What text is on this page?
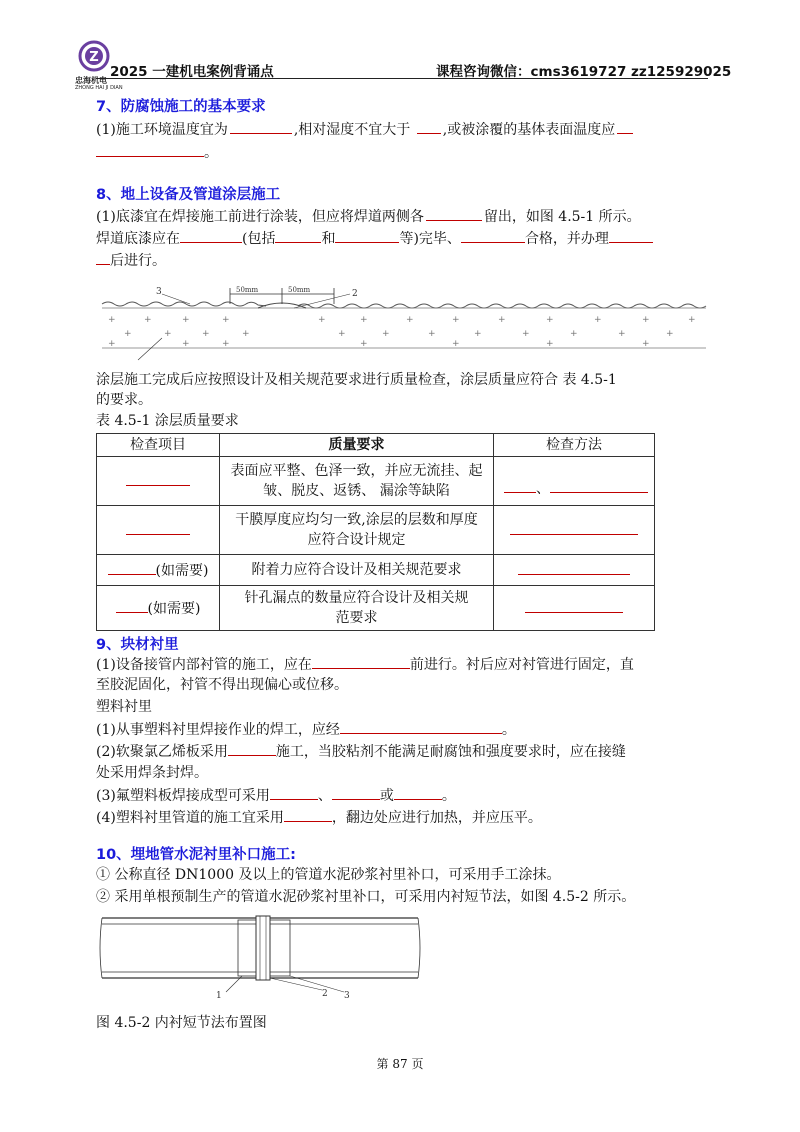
Z
忠海机电
ZHONG HAI JI DIAN
2025 一建机电案例背诵点	课程咨询微信：cms3619727 zz125929025
7、防腐蚀施工的基本要求
(1)施工环境温度宜为	,相对湿度不宜大于 ,或被涂覆的基体表面温度应
。
8、地上设备及管道涂层施工
(1)底漆宜在焊接施工前进行涂装，但应将焊道两侧各	留出，如图 4.5-1 所示。
焊道底漆应在	(包括	和	等)完毕、	合格，并办理
后进行。
50mm	50mm
3	2
+	+	+	+	+	+	+	+	+	+	+	+	+
+	+	+	+	+	+	+	+	+	+	+	+
+	+	+	+	+	+	+
涂层施工完成后应按照设计及相关规范要求进行质量检查，涂层质量应符合 表 4.5-1
的要求。
表 4.5-1 涂层质量要求
检查项目	质量要求	检查方法

	表面应平整、色泽一致，并应无流挂、起
皱、脱皮、返锈、 漏涂等缺陷	、

	干膜厚度应均匀一致,涂层的层数和厚度
应符合设计规定	

(如需要)	附着力应符合设计及相关规范要求	
(如需要)	针孔漏点的数量应符合设计及相关规
范要求	

9、块材衬里
(1)设备接管内部衬管的施工，应在	前进行。衬后应对衬管进行固定，直
至胶泥固化，衬管不得出现偏心或位移。
塑料衬里
(1)从事塑料衬里焊接作业的焊工，应经	。
(2)软聚氯乙烯板采用	施工，当胶粘剂不能满足耐腐蚀和强度要求时，应在接缝
处采用焊条封焊。
(3)氟塑料板焊接成型可采用	、	或	。
(4)塑料衬里管道的施工宜采用	，翻边处应进行加热，并应压平。
10、埋地管水泥衬里补口施工:
① 公称直径 DN1000 及以上的管道水泥砂浆衬里补口，可采用手工涂抹。
② 采用单根预制生产的管道水泥砂浆衬里补口，可采用内衬短节法，如图 4.5-2 所示。
1	2 3
图 4.5-2 内衬短节法布置图
第 87 页
